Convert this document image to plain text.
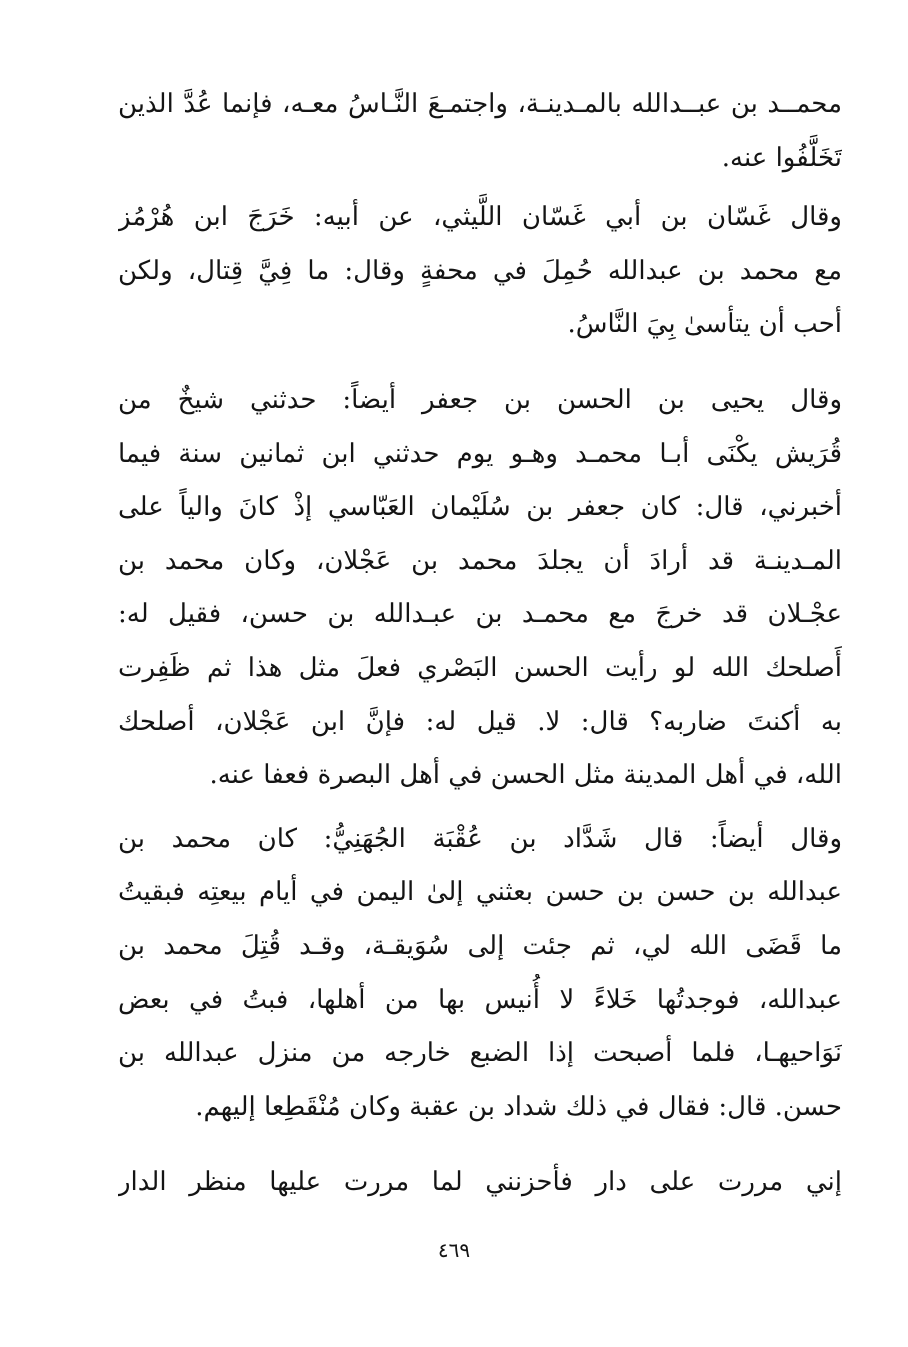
محمــد بن عبــدالله بالمـدينـة، واجتمـعَ النَّـاسُ معـه، فإنما عُدَّ الذين
تَخَلَّفُوا عنه.
وقال غَسّان بن أبي غَسّان اللَّيثي، عن أبيه: خَرَجَ ابن هُرْمُز
مع محمد بن عبدالله حُمِلَ في محفةٍ وقال: ما فِيَّ قِتال، ولكن
أحب أن يتأسىٰ بِيَ النَّاسُ.
وقال يحيى بن الحسن بن جعفر أيضاً: حدثني شيخٌ من
قُرَيش يكْنَى أبـا محمـد وهـو يوم حدثني ابن ثمانين سنة فيما
أخبرني، قال: كان جعفر بن سُلَيْمان العَبّاسي إذْ كانَ والياً على
المـدينـة قد أرادَ أن يجلدَ محمد بن عَجْلان، وكان محمد بن
عجْـلان قد خرجَ مع محمـد بن عبـدالله بن حسن، فقيل له:
أَصلحك الله لو رأيت الحسن البَصْري فعلَ مثل هذا ثم ظَفِرت
به أكنتَ ضاربه؟ قال: لا. قيل له: فإنَّ ابن عَجْلان، أصلحك
الله، في أهل المدينة مثل الحسن في أهل البصرة فعفا عنه.
وقال أيضاً: قال شَدَّاد بن عُقْبَة الجُهَنِيُّ: كان محمد بن
عبدالله بن حسن بن حسن بعثني إلىٰ اليمن في أيام بيعتِه فبقيتُ
ما قَضَى الله لي، ثم جئت إلى سُوَيقـة، وقـد قُتِلَ محمد بن
عبدالله، فوجدتُها خَلاءً لا أُنيس بها من أهلها، فبتُ في بعض
نَوَاحيهـا، فلما أصبحت إذا الضبع خارجه من منزل عبدالله بن
حسن. قال: فقال في ذلك شداد بن عقبة وكان مُنْقَطِعا إليهم.
إني مررت على دار فأحزنني لما مررت عليها منظر الدار
٤٦٩
